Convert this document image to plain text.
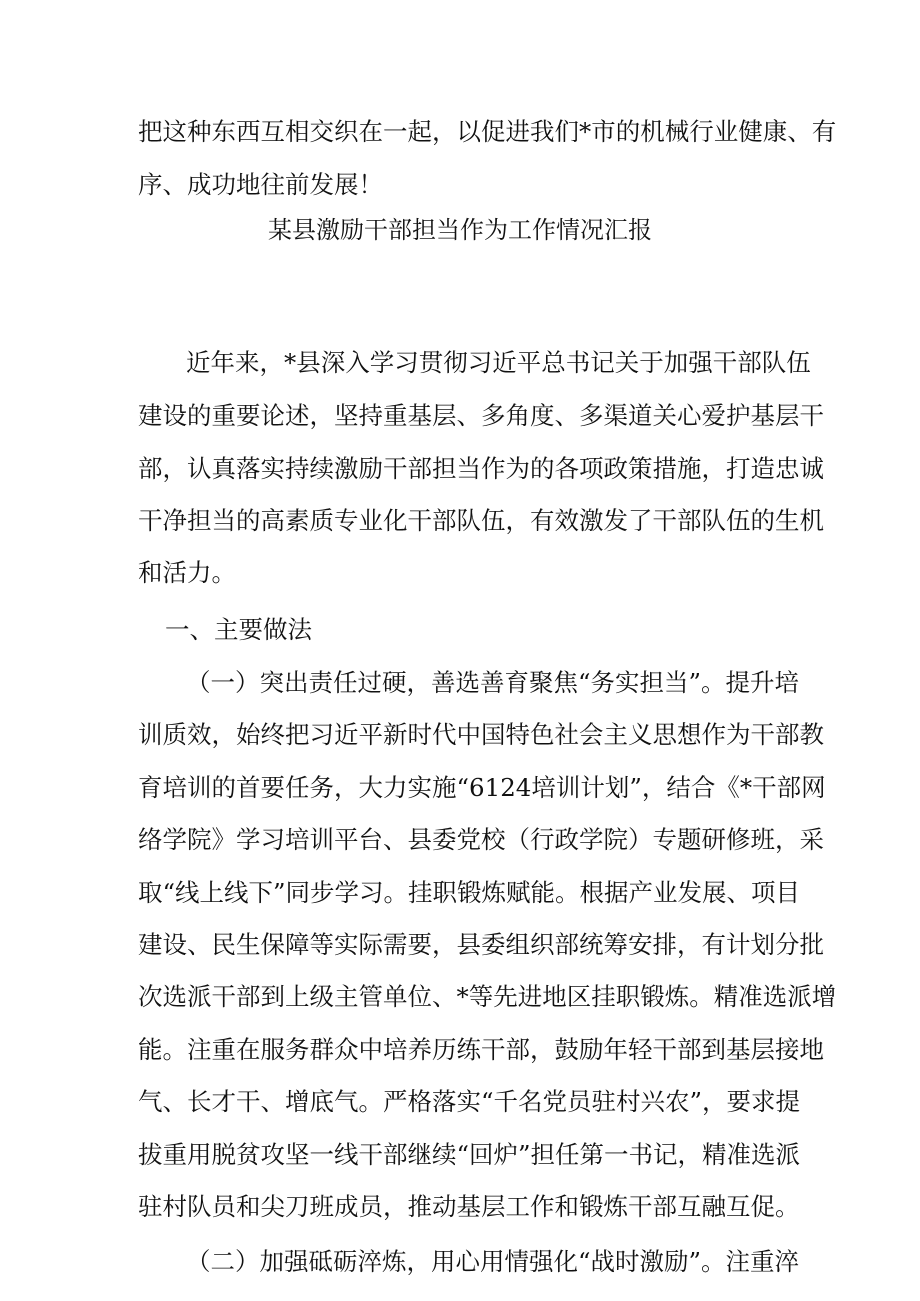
把这种东西互相交织在一起，以促进我们*市的机械行业健康、有
序、成功地往前发展！
某县激励干部担当作为工作情况汇报
近年来，*县深入学习贯彻习近平总书记关于加强干部队伍
建设的重要论述，坚持重基层、多角度、多渠道关心爱护基层干
部，认真落实持续激励干部担当作为的各项政策措施，打造忠诚
干净担当的高素质专业化干部队伍，有效激发了干部队伍的生机
和活力。
一、主要做法
（一）突出责任过硬，善选善育聚焦“务实担当”。提升培
训质效，始终把习近平新时代中国特色社会主义思想作为干部教
育培训的首要任务，大力实施“6124培训计划”，结合《*干部网
络学院》学习培训平台、县委党校（行政学院）专题研修班，采
取“线上线下”同步学习。挂职锻炼赋能。根据产业发展、项目
建设、民生保障等实际需要，县委组织部统筹安排，有计划分批
次选派干部到上级主管单位、*等先进地区挂职锻炼。精准选派增
能。注重在服务群众中培养历练干部，鼓励年轻干部到基层接地
气、长才干、增底气。严格落实“千名党员驻村兴农”，要求提
拔重用脱贫攻坚一线干部继续“回炉”担任第一书记，精准选派
驻村队员和尖刀班成员，推动基层工作和锻炼干部互融互促。
（二）加强砥砺淬炼，用心用情强化“战时激励”。注重淬
